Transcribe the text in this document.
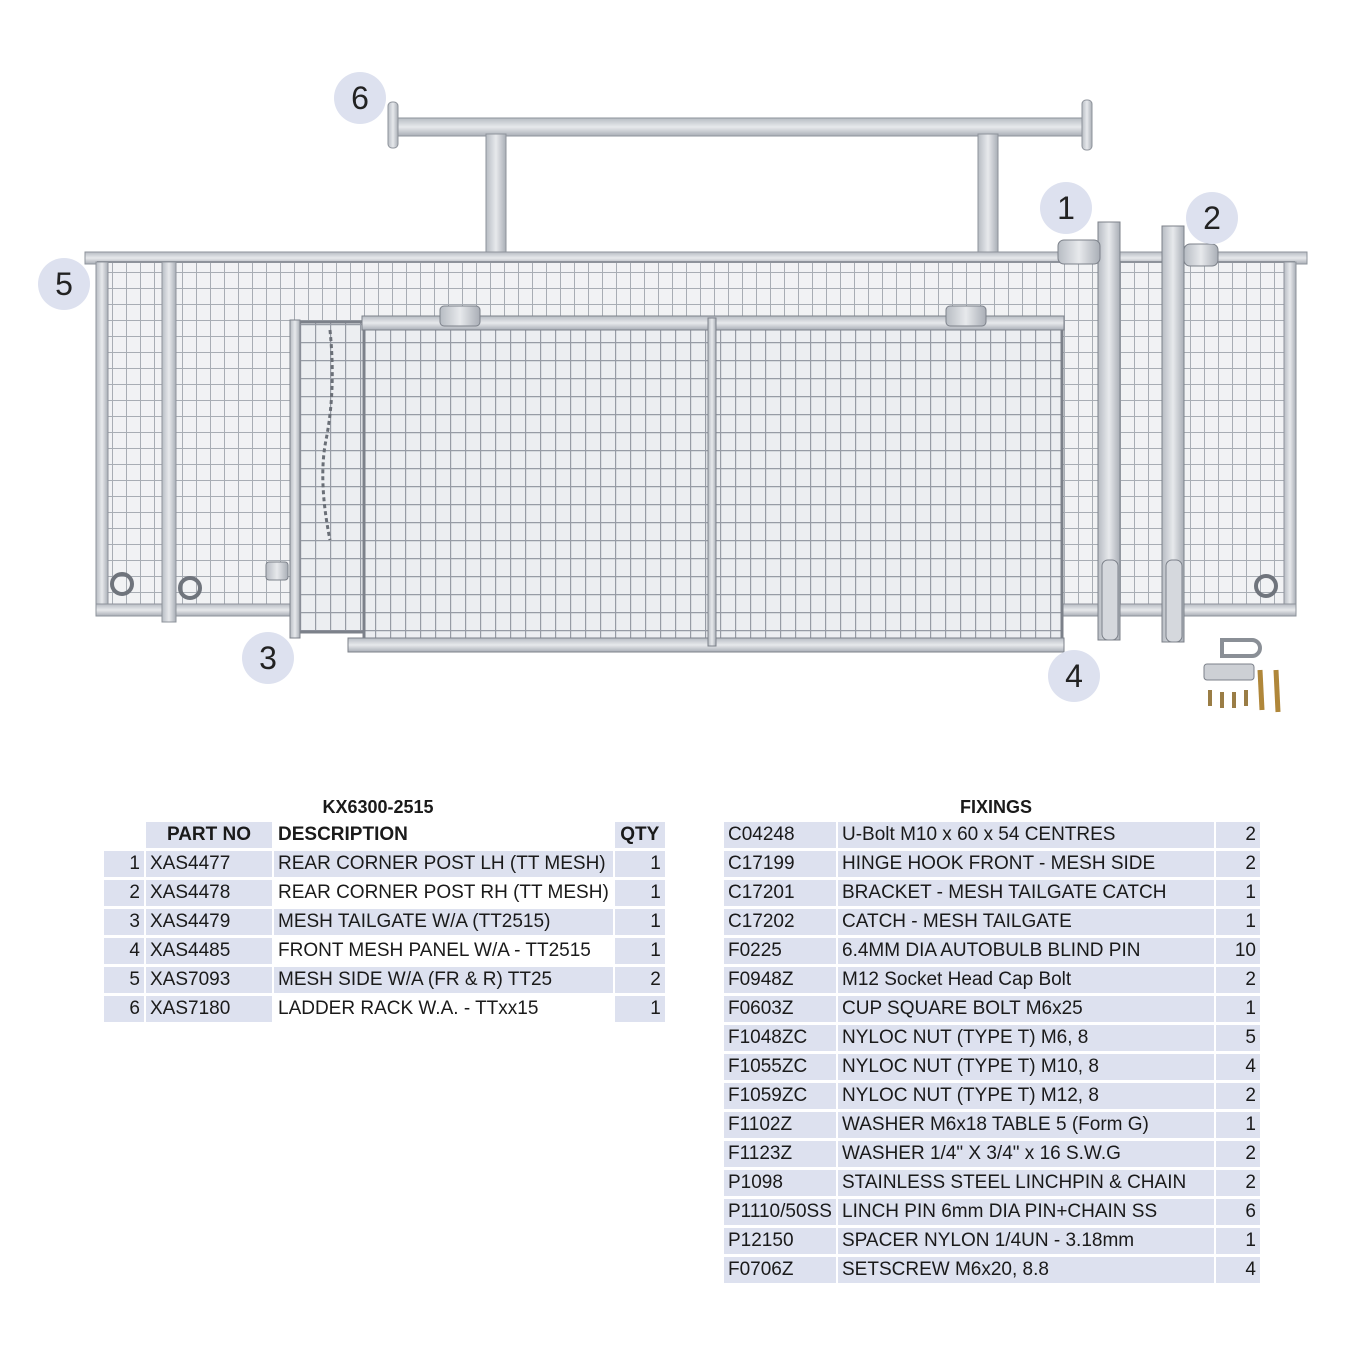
1	2
3	4
5
6
KX6300-2515
	PART NO	DESCRIPTION	QTY
1	XAS4477	REAR CORNER POST LH (TT MESH)	1
2	XAS4478	REAR CORNER POST RH (TT MESH)	1
3	XAS4479	MESH TAILGATE W/A (TT2515)	1
4	XAS4485	FRONT MESH PANEL W/A - TT2515	1
5	XAS7093	MESH SIDE W/A (FR & R) TT25	2
6	XAS7180	LADDER RACK W.A. - TTxx15	1
FIXINGS
C04248	U-Bolt M10 x 60 x 54 CENTRES	2
C17199	HINGE HOOK FRONT - MESH SIDE	2
C17201	BRACKET - MESH TAILGATE CATCH	1
C17202	CATCH - MESH TAILGATE	1
F0225	6.4MM DIA AUTOBULB BLIND PIN	10
F0948Z	M12 Socket Head Cap Bolt	2
F0603Z	CUP SQUARE BOLT M6x25	1
F1048ZC	NYLOC NUT (TYPE T) M6, 8	5
F1055ZC	NYLOC NUT (TYPE T) M10, 8	4
F1059ZC	NYLOC NUT (TYPE T) M12, 8	2
F1102Z	WASHER M6x18 TABLE 5 (Form G)	1
F1123Z	WASHER 1/4" X 3/4" x 16 S.W.G	2
P1098	STAINLESS STEEL LINCHPIN & CHAIN	2
P1110/50SS	LINCH PIN 6mm DIA PIN+CHAIN SS	6
P12150	SPACER NYLON 1/4UN - 3.18mm	1
F0706Z	SETSCREW M6x20, 8.8	4
